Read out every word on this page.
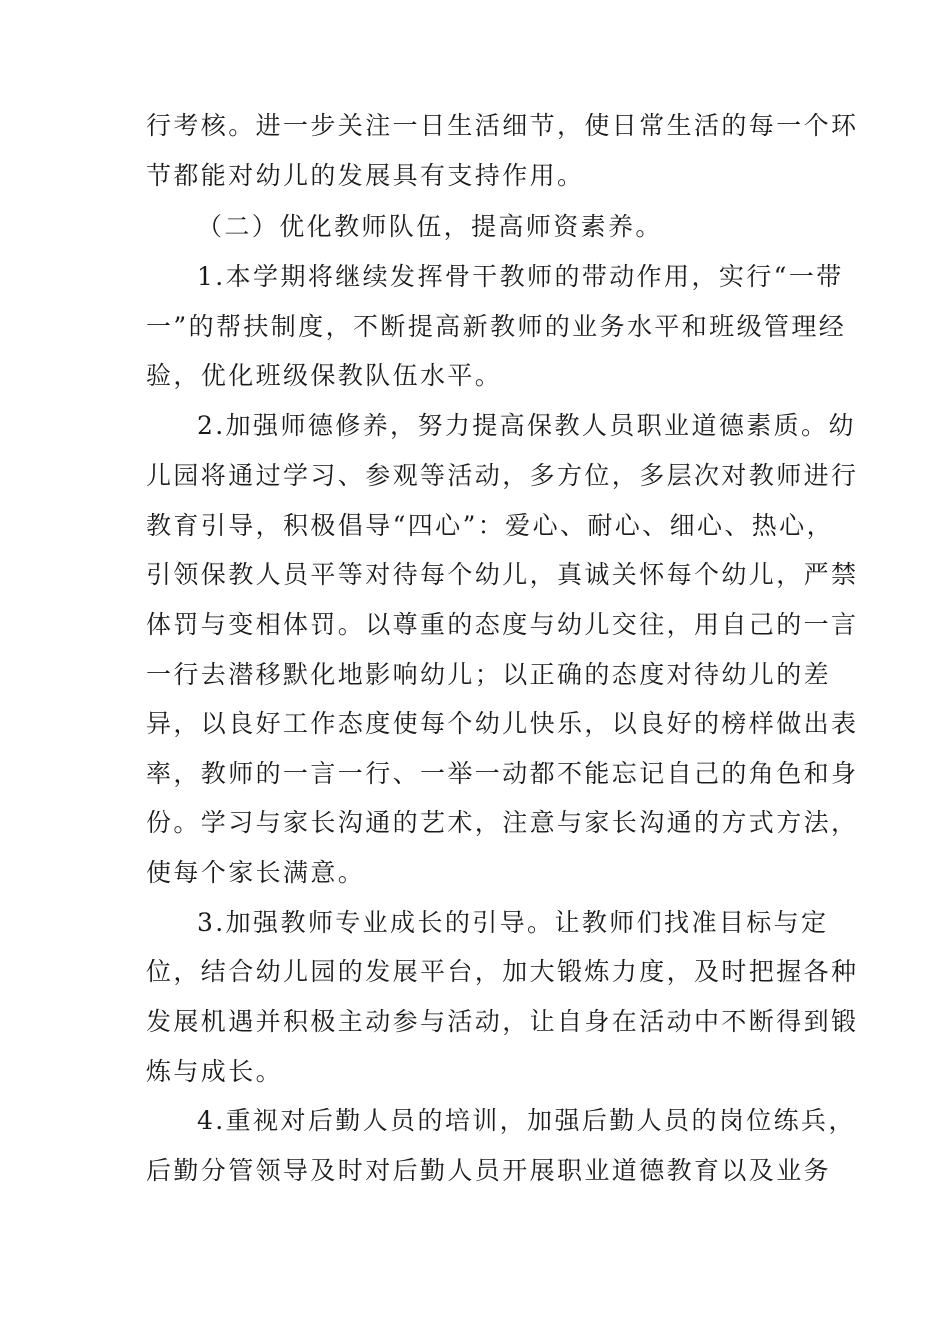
行考核。进一步关注一日生活细节，使日常生活的每一个环

节都能对幼儿的发展具有支持作用。

（二）优化教师队伍，提高师资素养。

1.本学期将继续发挥骨干教师的带动作用，实行“一带

一”的帮扶制度，不断提高新教师的业务水平和班级管理经

验，优化班级保教队伍水平。

2.加强师德修养，努力提高保教人员职业道德素质。幼

儿园将通过学习、参观等活动，多方位，多层次对教师进行

教育引导，积极倡导“四心”：爱心、耐心、细心、热心，

引领保教人员平等对待每个幼儿，真诚关怀每个幼儿，严禁

体罚与变相体罚。以尊重的态度与幼儿交往，用自己的一言

一行去潜移默化地影响幼儿；以正确的态度对待幼儿的差

异，以良好工作态度使每个幼儿快乐，以良好的榜样做出表

率，教师的一言一行、一举一动都不能忘记自己的角色和身

份。学习与家长沟通的艺术，注意与家长沟通的方式方法，

使每个家长满意。

3.加强教师专业成长的引导。让教师们找准目标与定

位，结合幼儿园的发展平台，加大锻炼力度，及时把握各种

发展机遇并积极主动参与活动，让自身在活动中不断得到锻

炼与成长。

4.重视对后勤人员的培训，加强后勤人员的岗位练兵，

后勤分管领导及时对后勤人员开展职业道德教育以及业务
